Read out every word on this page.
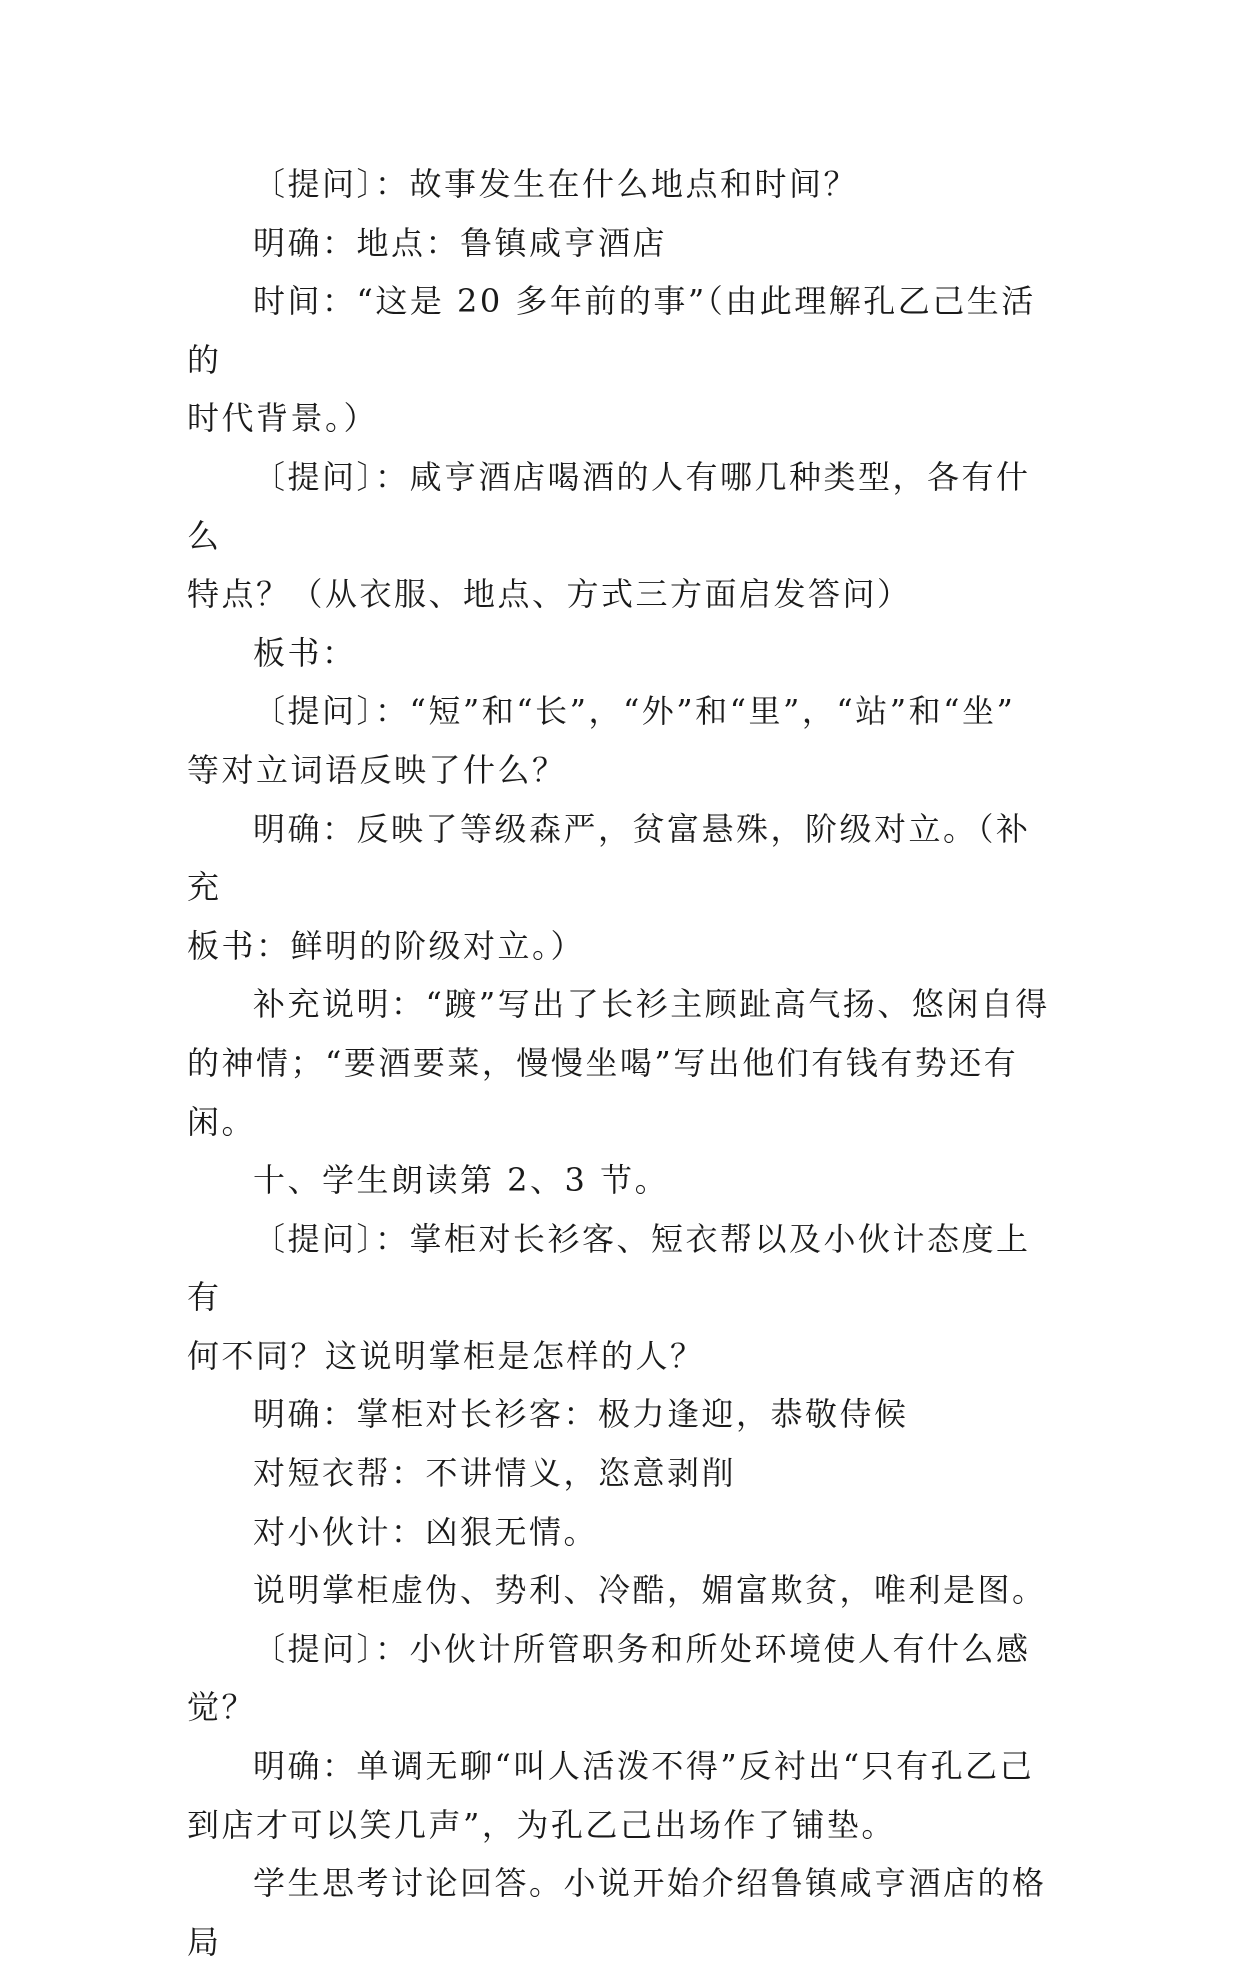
〔提问〕：故事发生在什么地点和时间？

明确：地点：鲁镇咸亨酒店

时间：“这是 20 多年前的事”（由此理解孔乙己生活的
时代背景。）

〔提问〕：咸亨酒店喝酒的人有哪几种类型，各有什么
特点？（从衣服、地点、方式三方面启发答问）

板书：

〔提问〕：“短”和“长”，“外”和“里”，“站”和“坐”
等对立词语反映了什么？

明确：反映了等级森严，贫富悬殊，阶级对立。（补充
板书：鲜明的阶级对立。）

补充说明：“踱”写出了长衫主顾趾高气扬、悠闲自得
的神情；“要酒要菜，慢慢坐喝”写出他们有钱有势还有闲。

十、学生朗读第 2、3 节。

〔提问〕：掌柜对长衫客、短衣帮以及小伙计态度上有
何不同？这说明掌柜是怎样的人？

明确：掌柜对长衫客：极力逢迎，恭敬侍候

对短衣帮：不讲情义，恣意剥削

对小伙计：凶狠无情。

说明掌柜虚伪、势利、冷酷，媚富欺贫，唯利是图。

〔提问〕：小伙计所管职务和所处环境使人有什么感觉？

明确：单调无聊“叫人活泼不得”反衬出“只有孔乙己
到店才可以笑几声”，为孔乙己出场作了铺垫。

学生思考讨论回答。小说开始介绍鲁镇咸亨酒店的格局
